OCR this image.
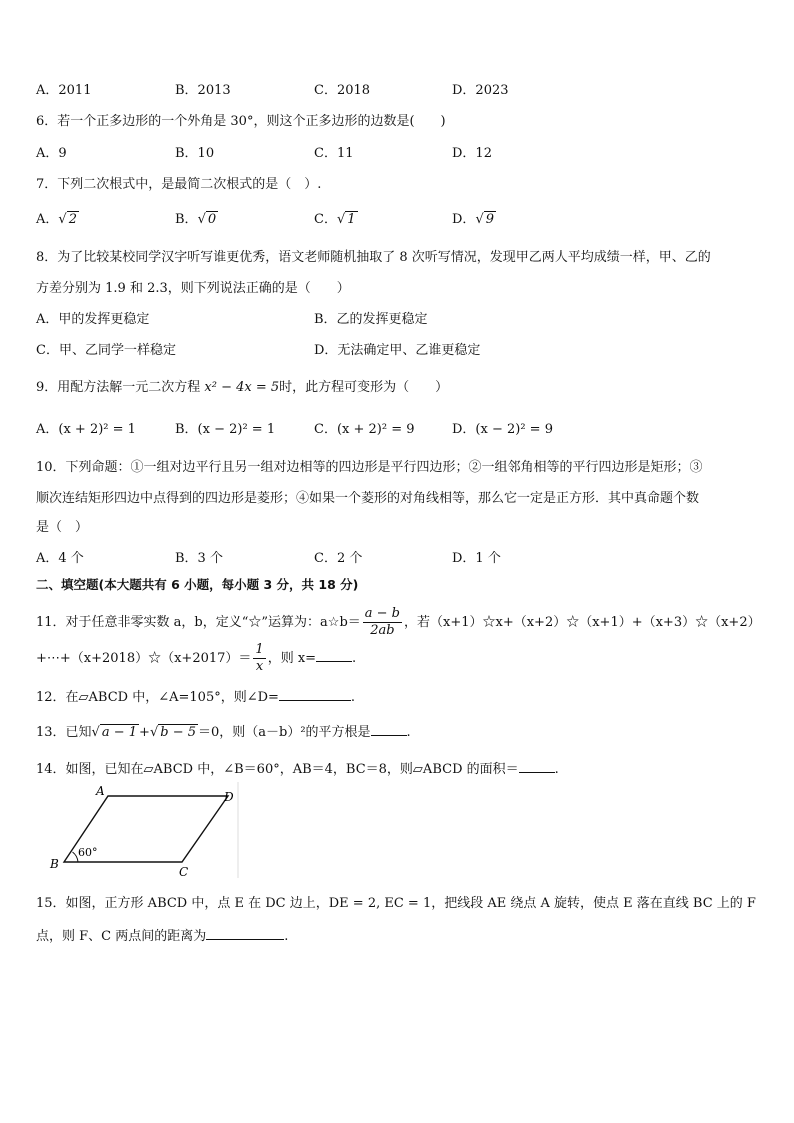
A．2011	B．2013	C．2018	D．2023
6．若一个正多边形的一个外角是 30°，则这个正多边形的边数是(　　)
A．9	B．10	C．11	D．12
7．下列二次根式中，是最简二次根式的是（　）.
A．√ 2	B．√ 0	C．√ 1	D．√ 9
8．为了比较某校同学汉字听写谁更优秀，语文老师随机抽取了 8 次听写情况，发现甲乙两人平均成绩一样，甲、乙的
方差分别为 1.9 和 2.3，则下列说法正确的是（　　）
A．甲的发挥更稳定	B．乙的发挥更稳定
C．甲、乙同学一样稳定	D．无法确定甲、乙谁更稳定
9．用配方法解一元二次方程 x² − 4x = 5时，此方程可变形为（　　）
A．(x + 2)² = 1	B．(x − 2)² = 1	C．(x + 2)² = 9	D．(x − 2)² = 9
10．下列命题：①一组对边平行且另一组对边相等的四边形是平行四边形；②一组邻角相等的平行四边形是矩形；③
顺次连结矩形四边中点得到的四边形是菱形；④如果一个菱形的对角线相等，那么它一定是正方形．其中真命题个数
是（　）
A．4 个	B．3 个	C．2 个	D．1 个
二、填空题(本大题共有 6 小题，每小题 3 分，共 18 分)
11．对于任意非零实数 a，b，定义“☆”运算为：a☆b＝ $\frac{a - b}{2ab}$ ，若（x+1）☆x+（x+2）☆（x+1）+（x+3）☆（x+2）
+⋯+（x+2018）☆（x+2017）＝ $\frac{1}{x}$ ，则 x=	.
12．在▱ABCD 中，∠A=105°，则∠D=	.
13．已知√ a − 1 +√ b − 5 ＝0，则（a－b）²的平方根是	.
14．如图，已知在▱ABCD 中，∠B＝60°，AB＝4，BC＝8，则▱ABCD 的面积＝	.
60°
A
B
C
D
15．如图，正方形 ABCD 中，点 E 在 DC 边上，DE = 2, EC = 1，把线段 AE 绕点 A 旋转，使点 E 落在直线 BC 上的 F
点，则 F、C 两点间的距离为	.
